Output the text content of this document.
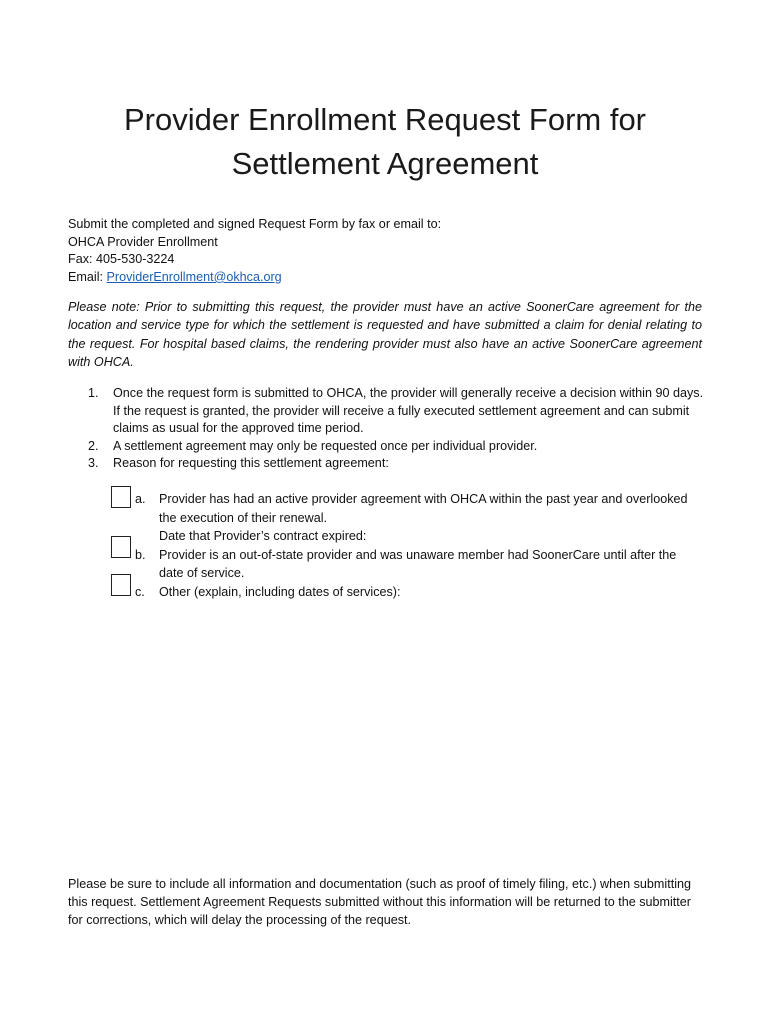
Provider Enrollment Request Form for
Settlement Agreement
Submit the completed and signed Request Form by fax or email to:
OHCA Provider Enrollment
Fax: 405-530-3224
Email: ProviderEnrollment@okhca.org
Please note: Prior to submitting this request, the provider must have an active SoonerCare agreement for the location and service type for which the settlement is requested and have submitted a claim for denial relating to the request. For hospital based claims, the rendering provider must also have an active SoonerCare agreement with OHCA.
1. Once the request form is submitted to OHCA, the provider will generally receive a decision within 90 days. If the request is granted, the provider will receive a fully executed settlement agreement and can submit claims as usual for the approved time period.
2. A settlement agreement may only be requested once per individual provider.
3. Reason for requesting this settlement agreement:
a. Provider has had an active provider agreement with OHCA within the past year and overlooked the execution of their renewal.
Date that Provider’s contract expired:
b. Provider is an out-of-state provider and was unaware member had SoonerCare until after the date of service.
c. Other (explain, including dates of services):
Please be sure to include all information and documentation (such as proof of timely filing, etc.) when submitting this request. Settlement Agreement Requests submitted without this information will be returned to the submitter for corrections, which will delay the processing of the request.
